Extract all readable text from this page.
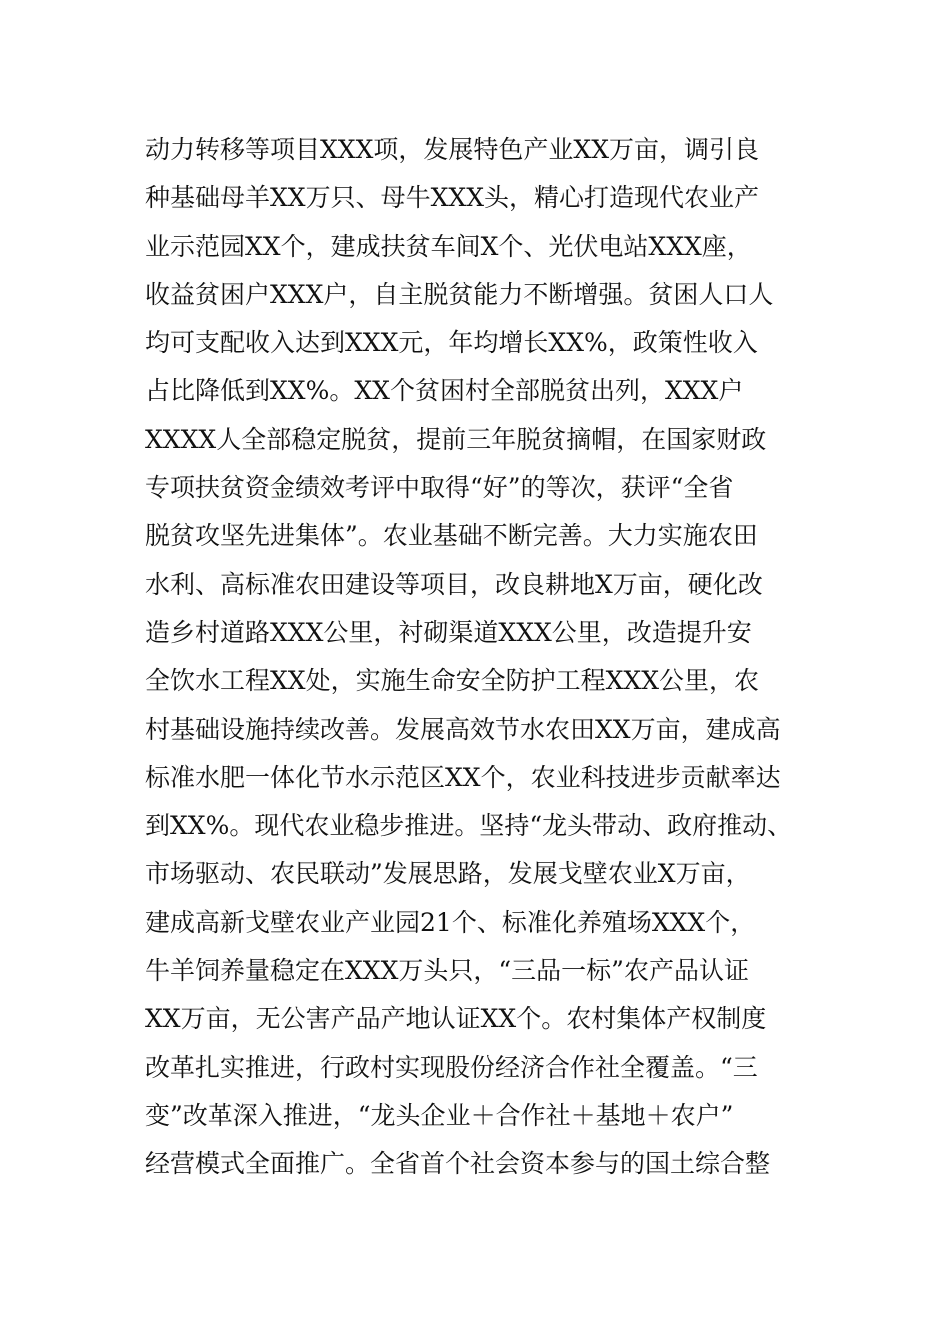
动力转移等项目XXX项，发展特色产业XX万亩，调引良
种基础母羊XX万只、母牛XXX头，精心打造现代农业产
业示范园XX个，建成扶贫车间X个、光伏电站XXX座，
收益贫困户XXX户，自主脱贫能力不断增强。贫困人口人
均可支配收入达到XXX元，年均增长XX%，政策性收入
占比降低到XX%。XX个贫困村全部脱贫出列，XXX户
XXXX人全部稳定脱贫，提前三年脱贫摘帽，在国家财政
专项扶贫资金绩效考评中取得“好”的等次，获评“全省
脱贫攻坚先进集体”。农业基础不断完善。大力实施农田
水利、高标准农田建设等项目，改良耕地X万亩，硬化改
造乡村道路XXX公里，衬砌渠道XXX公里，改造提升安
全饮水工程XX处，实施生命安全防护工程XXX公里，农
村基础设施持续改善。发展高效节水农田XX万亩，建成高
标准水肥一体化节水示范区XX个，农业科技进步贡献率达
到XX%。现代农业稳步推进。坚持“龙头带动、政府推动、
市场驱动、农民联动”发展思路，发展戈壁农业X万亩，
建成高新戈壁农业产业园21个、标准化养殖场XXX个，
牛羊饲养量稳定在XXX万头只，“三品一标”农产品认证
XX万亩，无公害产品产地认证XX个。农村集体产权制度
改革扎实推进，行政村实现股份经济合作社全覆盖。“三
变”改革深入推进，“龙头企业＋合作社＋基地＋农户”
经营模式全面推广。全省首个社会资本参与的国土综合整
